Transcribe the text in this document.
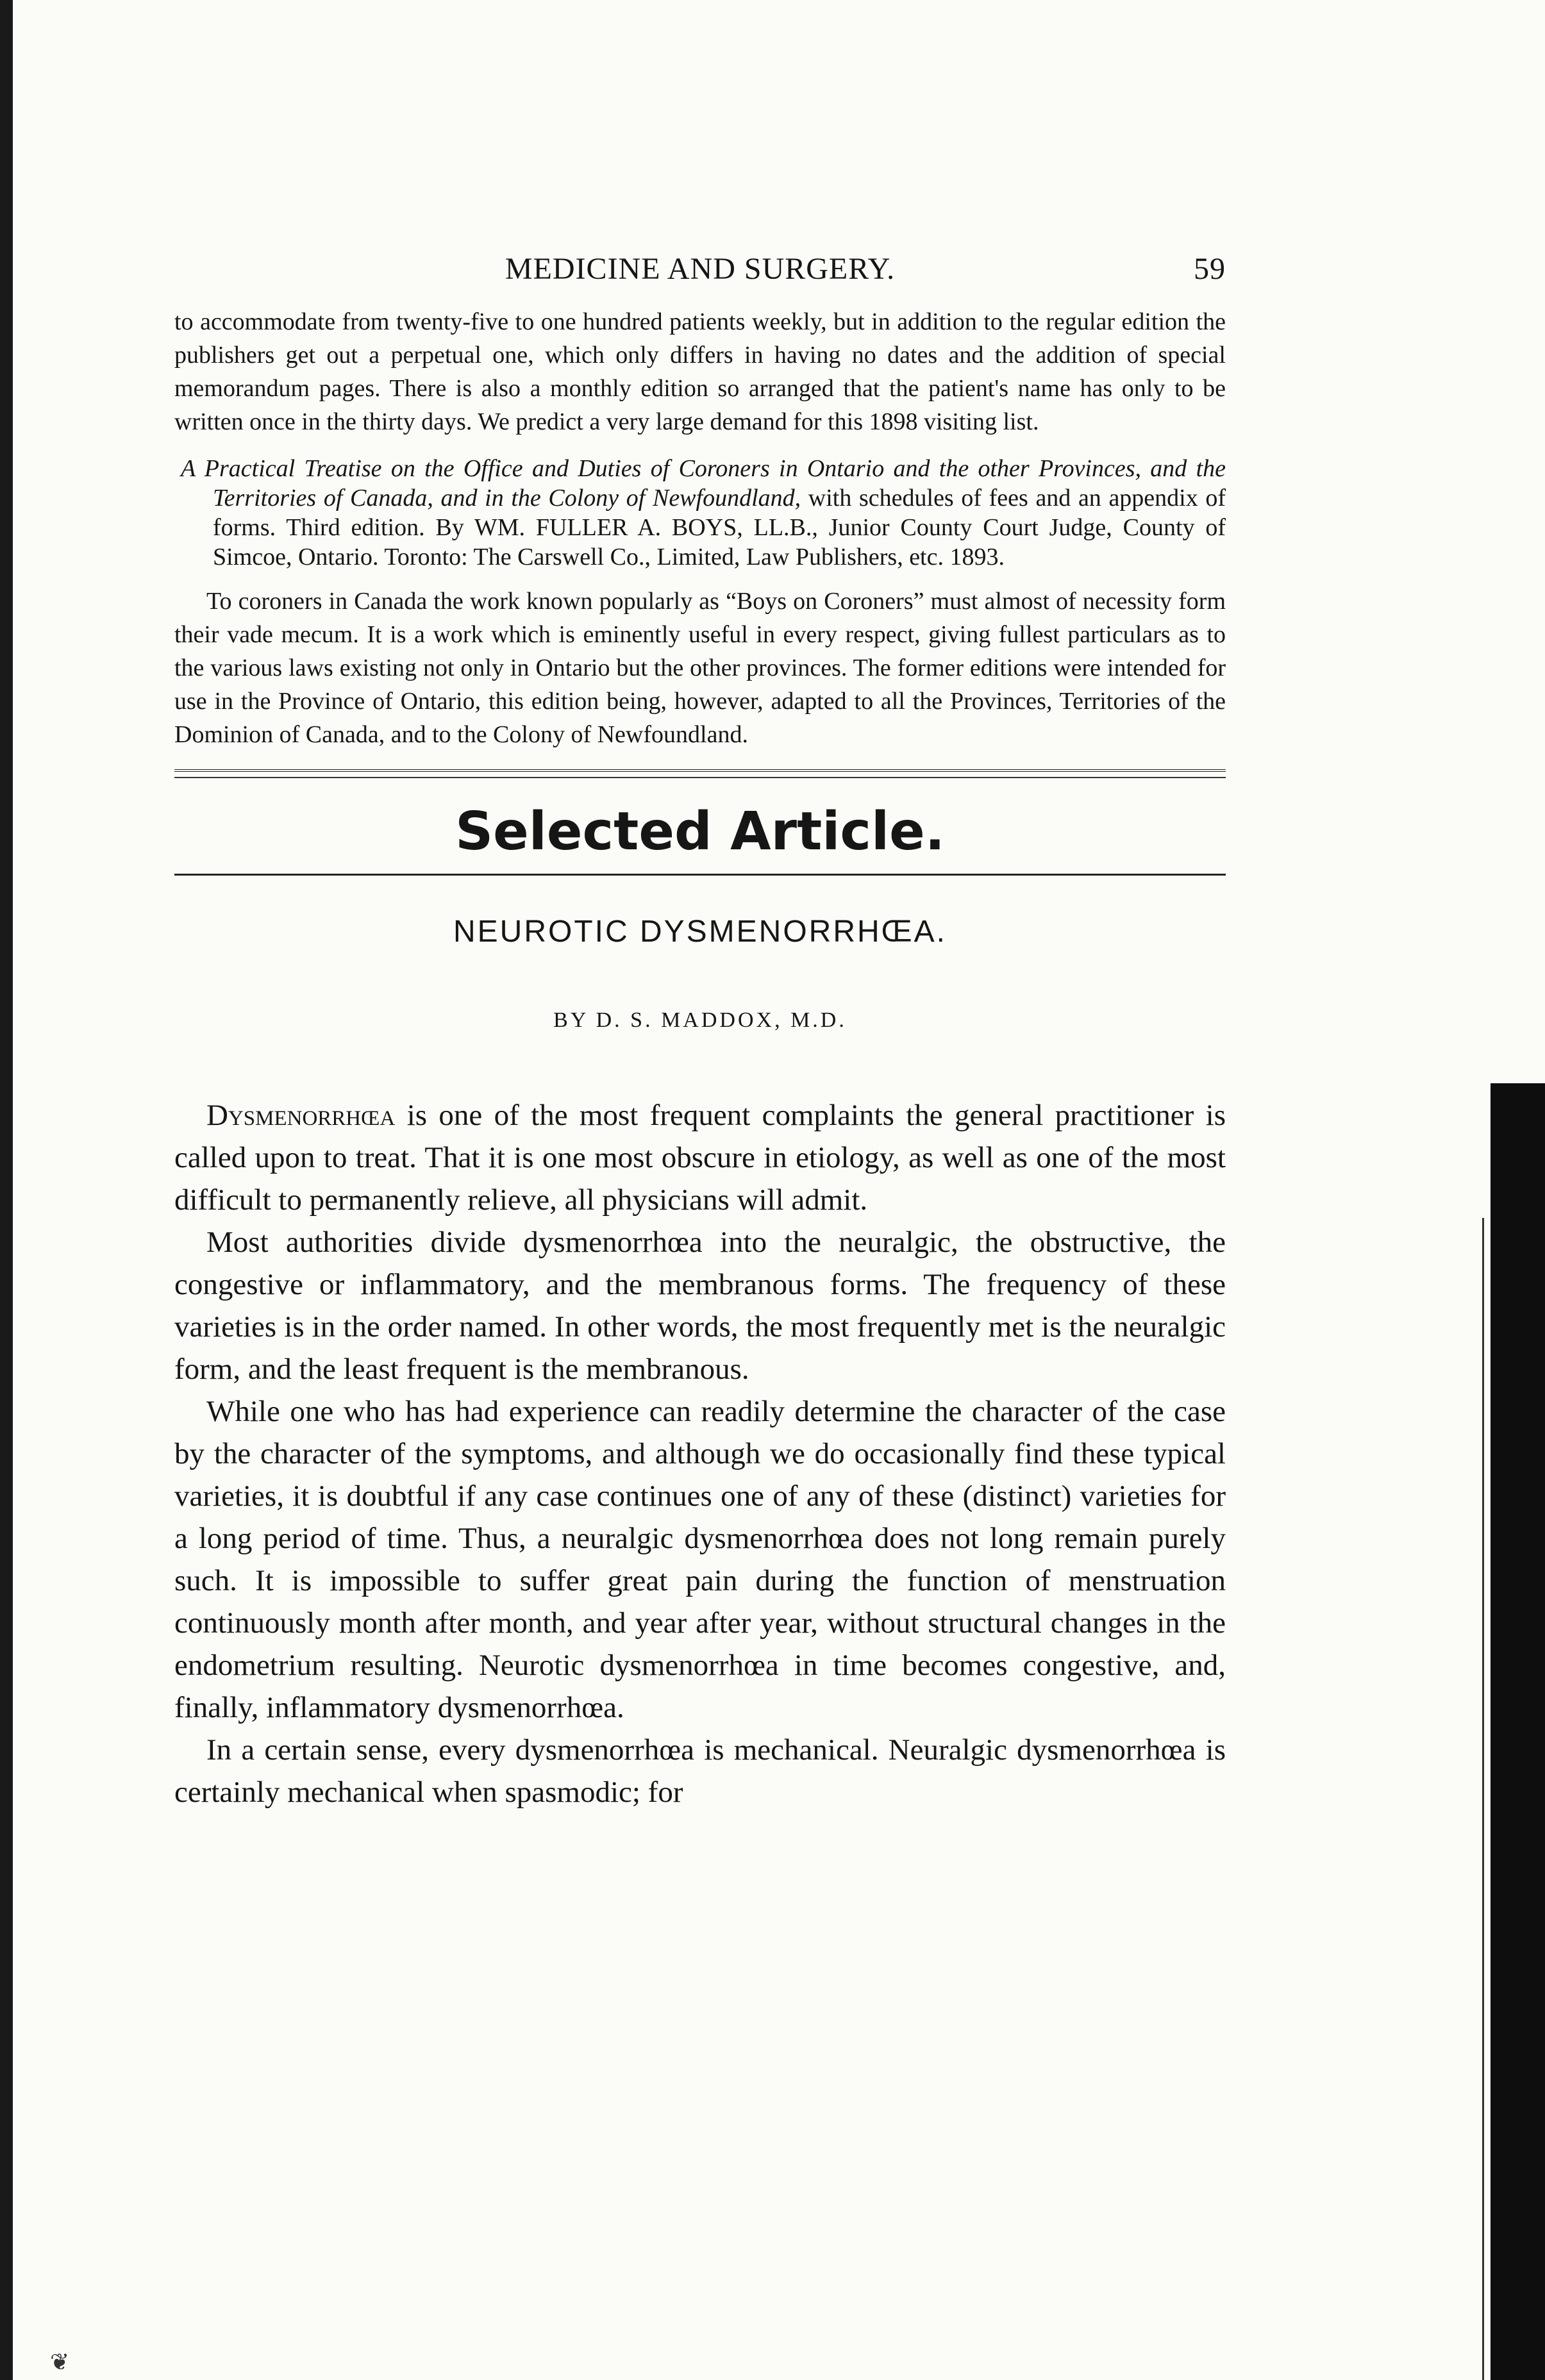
MEDICINE AND SURGERY.	59

to accommodate from twenty-five to one hundred patients weekly, but in addition to the regular edition the publishers get out a perpetual one, which only differs in having no dates and the addition of special memorandum pages. There is also a monthly edition so arranged that the patient's name has only to be written once in the thirty days. We predict a very large demand for this 1898 visiting list.

A Practical Treatise on the Office and Duties of Coroners in Ontario and the other Provinces, and the Territories of Canada, and in the Colony of Newfoundland, with schedules of fees and an appendix of forms. Third edition. By WM. FULLER A. BOYS, LL.B., Junior County Court Judge, County of Simcoe, Ontario. Toronto: The Carswell Co., Limited, Law Publishers, etc. 1893.

To coroners in Canada the work known popularly as “Boys on Coroners” must almost of necessity form their vade mecum. It is a work which is eminently useful in every respect, giving fullest particulars as to the various laws existing not only in Ontario but the other provinces. The former editions were intended for use in the Province of Ontario, this edition being, however, adapted to all the Provinces, Territories of the Dominion of Canada, and to the Colony of Newfoundland.

Selected Article.
NEUROTIC DYSMENORRHŒA.
BY D. S. MADDOX, M.D.

Dysmenorrhœa is one of the most frequent complaints the general practitioner is called upon to treat. That it is one most obscure in etiology, as well as one of the most difficult to permanently relieve, all physicians will admit.

Most authorities divide dysmenorrhœa into the neuralgic, the obstructive, the congestive or inflammatory, and the membranous forms. The frequency of these varieties is in the order named. In other words, the most frequently met is the neuralgic form, and the least frequent is the membranous.

While one who has had experience can readily determine the character of the case by the character of the symptoms, and although we do occasionally find these typical varieties, it is doubtful if any case continues one of any of these (distinct) varieties for a long period of time. Thus, a neuralgic dysmenorrhœa does not long remain purely such. It is impossible to suffer great pain during the function of menstruation continuously month after month, and year after year, without structural changes in the endometrium resulting. Neurotic dysmenorrhœa in time becomes congestive, and, finally, inflammatory dysmenorrhœa.

In a certain sense, every dysmenorrhœa is mechanical. Neuralgic dysmenorrhœa is certainly mechanical when spasmodic; for

❦
